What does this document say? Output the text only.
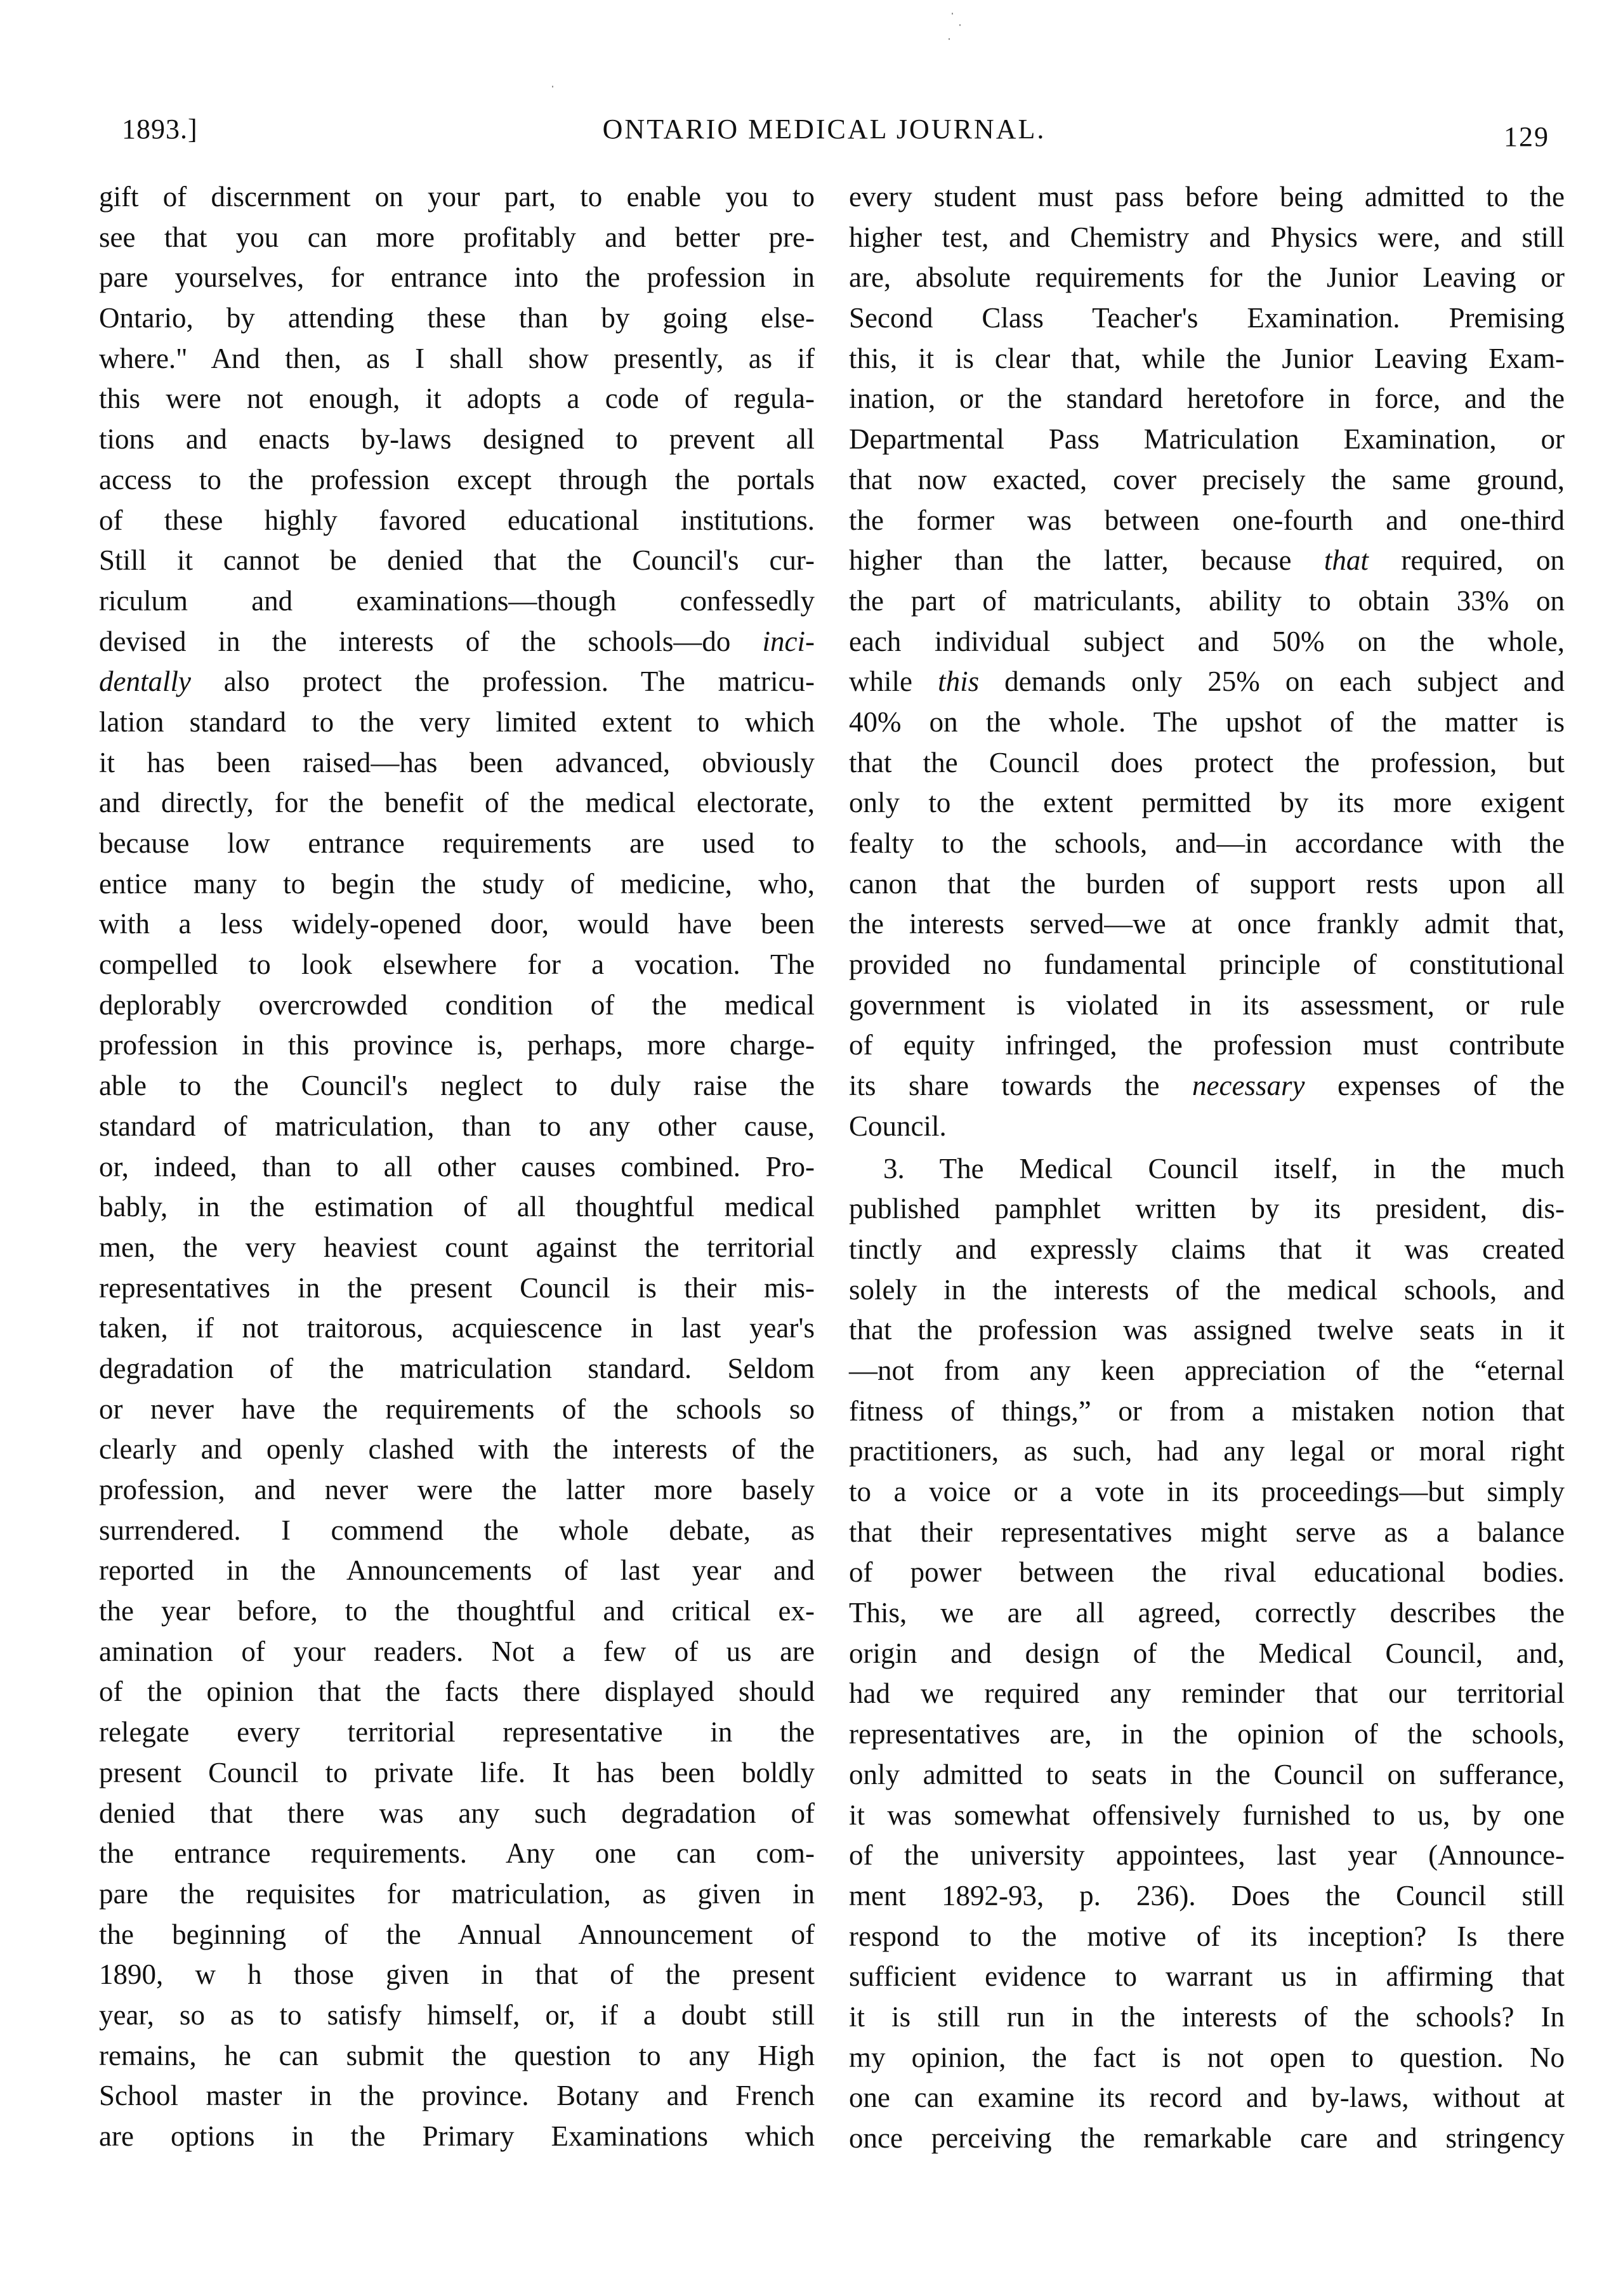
1893.]	ONTARIO MEDICAL JOURNAL.	129
gift of discernment on your part, to enable you to
see that you can more profitably and better pre-
pare yourselves, for entrance into the profession in
Ontario, by attending these than by going else-
where." And then, as I shall show presently, as if
this were not enough, it adopts a code of regula-
tions and enacts by-laws designed to prevent all
access to the profession except through the portals
of these highly favored educational institutions.
Still it cannot be denied that the Council's cur-
riculum and examinations—though confessedly
devised in the interests of the schools—do inci-
dentally also protect the profession. The matricu-
lation standard to the very limited extent to which
it has been raised—has been advanced, obviously
and directly, for the benefit of the medical electorate,
because low entrance requirements are used to
entice many to begin the study of medicine, who,
with a less widely-opened door, would have been
compelled to look elsewhere for a vocation. The
deplorably overcrowded condition of the medical
profession in this province is, perhaps, more charge-
able to the Council's neglect to duly raise the
standard of matriculation, than to any other cause,
or, indeed, than to all other causes combined. Pro-
bably, in the estimation of all thoughtful medical
men, the very heaviest count against the territorial
representatives in the present Council is their mis-
taken, if not traitorous, acquiescence in last year's
degradation of the matriculation standard. Seldom
or never have the requirements of the schools so
clearly and openly clashed with the interests of the
profession, and never were the latter more basely
surrendered. I commend the whole debate, as
reported in the Announcements of last year and
the year before, to the thoughtful and critical ex-
amination of your readers. Not a few of us are
of the opinion that the facts there displayed should
relegate every territorial representative in the
present Council to private life. It has been boldly
denied that there was any such degradation of
the entrance requirements. Any one can com-
pare the requisites for matriculation, as given in
the beginning of the Annual Announcement of
1890, w h those given in that of the present
year, so as to satisfy himself, or, if a doubt still
remains, he can submit the question to any High
School master in the province. Botany and French
are options in the Primary Examinations which
every student must pass before being admitted to the
higher test, and Chemistry and Physics were, and still
are, absolute requirements for the Junior Leaving or
Second Class Teacher's Examination. Premising
this, it is clear that, while the Junior Leaving Exam-
ination, or the standard heretofore in force, and the
Departmental Pass Matriculation Examination, or
that now exacted, cover precisely the same ground,
the former was between one-fourth and one-third
higher than the latter, because that required, on
the part of matriculants, ability to obtain 33% on
each individual subject and 50% on the whole,
while this demands only 25% on each subject and
40% on the whole. The upshot of the matter is
that the Council does protect the profession, but
only to the extent permitted by its more exigent
fealty to the schools, and—in accordance with the
canon that the burden of support rests upon all
the interests served—we at once frankly admit that,
provided no fundamental principle of constitutional
government is violated in its assessment, or rule
of equity infringed, the profession must contribute
its share towards the necessary expenses of the
Council.
3. The Medical Council itself, in the much
published pamphlet written by its president, dis-
tinctly and expressly claims that it was created
solely in the interests of the medical schools, and
that the profession was assigned twelve seats in it
—not from any keen appreciation of the “eternal
fitness of things,” or from a mistaken notion that
practitioners, as such, had any legal or moral right
to a voice or a vote in its proceedings—but simply
that their representatives might serve as a balance
of power between the rival educational bodies.
This, we are all agreed, correctly describes the
origin and design of the Medical Council, and,
had we required any reminder that our territorial
representatives are, in the opinion of the schools,
only admitted to seats in the Council on sufferance,
it was somewhat offensively furnished to us, by one
of the university appointees, last year (Announce-
ment 1892-93, p. 236). Does the Council still
respond to the motive of its inception? Is there
sufficient evidence to warrant us in affirming that
it is still run in the interests of the schools? In
my opinion, the fact is not open to question. No
one can examine its record and by-laws, without at
once perceiving the remarkable care and stringency
